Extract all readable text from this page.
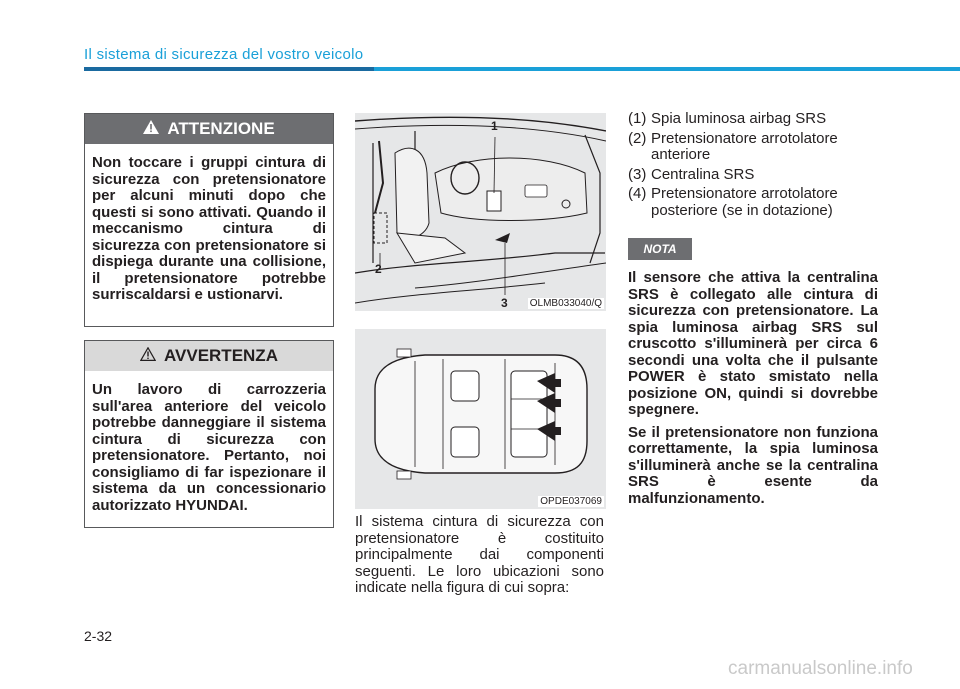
Il sistema di sicurezza del vostro veicolo
ATTENZIONE
Non toccare i gruppi cintura di sicurezza con pretensionatore per alcuni minuti dopo che questi si sono attivati. Quando il meccanismo cintura di sicurezza con pretensionatore si dispiega durante una collisione, il pretensionatore potrebbe surriscaldarsi e ustionarvi.
AVVERTENZA
Un lavoro di carrozzeria sull'area anteriore del veicolo potrebbe danneggiare il sistema cintura di sicurezza con pretensionatore. Pertanto, noi consigliamo di far ispezionare il sistema da un concessionario autorizzato HYUNDAI.
1
2
3 OLMB033040/Q
OPDE037069
Il sistema cintura di sicurezza con pretensionatore è costituito principalmente dai componenti seguenti. Le loro ubicazioni sono indicate nella figura di cui sopra:
(1) Spia luminosa airbag SRS
(2) Pretensionatore arrotolatore anteriore
(3) Centralina SRS
(4) Pretensionatore arrotolatore posteriore (se in dotazione)
NOTA

Il sensore che attiva la centralina SRS è collegato alle cintura di sicurezza con pretensionatore. La spia luminosa airbag SRS sul cruscotto s'illuminerà per circa 6 secondi una volta che il pulsante POWER è stato smistato nella posizione ON, quindi si dovrebbe spegnere.

Se il pretensionatore non funziona correttamente, la spia luminosa s'illuminerà anche se la centralina SRS è esente da malfunzionamento.

2-32
carmanualsonline.info
